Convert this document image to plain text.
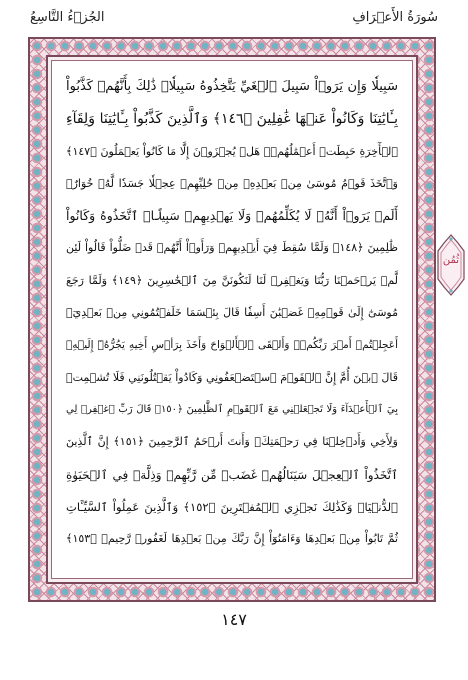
سُورَةُ الأَعۡرَافِ
الجُزۡءُ التَّاسِعُ
سَبِيلٗا وَإِن يَرَوۡاْ سَبِيلَ ٱلۡغَيِّ يَتَّخِذُوهُ سَبِيلٗاۚ ذَٰلِكَ بِأَنَّهُمۡ كَذَّبُواْ
بِـَٔايَٰتِنَا وَكَانُواْ عَنۡهَا غَٰفِلِينَ ﴿١٤٦﴾ وَٱلَّذِينَ كَذَّبُواْ بِـَٔايَٰتِنَا وَلِقَآءِ
ٱلۡأٓخِرَةِ حَبِطَتۡ أَعۡمَٰلُهُمۡۚ هَلۡ يُجۡزَوۡنَ إِلَّا مَا كَانُواْ يَعۡمَلُونَ ﴿١٤٧﴾
وَٱتَّخَذَ قَوۡمُ مُوسَىٰ مِنۢ بَعۡدِهِۦ مِنۡ حُلِيِّهِمۡ عِجۡلٗا جَسَدٗا لَّهُۥ خُوَارٌۚ
أَلَمۡ يَرَوۡاْ أَنَّهُۥ لَا يُكَلِّمُهُمۡ وَلَا يَهۡدِيهِمۡ سَبِيلًاۘ ٱتَّخَذُوهُ وَكَانُواْ
ظَٰلِمِينَ ﴿١٤٨﴾ وَلَمَّا سُقِطَ فِيٓ أَيۡدِيهِمۡ وَرَأَوۡاْ أَنَّهُمۡ قَدۡ ضَلُّواْ قَالُواْ لَئِن
لَّمۡ يَرۡحَمۡنَا رَبُّنَا وَيَغۡفِرۡ لَنَا لَنَكُونَنَّ مِنَ ٱلۡخَٰسِرِينَ ﴿١٤٩﴾ وَلَمَّا رَجَعَ
مُوسَىٰٓ إِلَىٰ قَوۡمِهِۦ غَضۡبَٰنَ أَسِفٗا قَالَ بِئۡسَمَا خَلَفۡتُمُونِي مِنۢ بَعۡدِيٓۖ
أَعَجِلۡتُمۡ أَمۡرَ رَبِّكُمۡۖ وَأَلۡقَى ٱلۡأَلۡوَاحَ وَأَخَذَ بِرَأۡسِ أَخِيهِ يَجُرُّهُۥٓ إِلَيۡهِۚ
قَالَ ٱبۡنَ أُمَّ إِنَّ ٱلۡقَوۡمَ ٱسۡتَضۡعَفُونِي وَكَادُواْ يَقۡتُلُونَنِي فَلَا تُشۡمِتۡ
بِيَ ٱلۡأَعۡدَآءَ وَلَا تَجۡعَلۡنِي مَعَ ٱلۡقَوۡمِ ٱلظَّٰلِمِينَ ﴿١٥٠﴾ قَالَ رَبِّ ٱغۡفِرۡ لِي
وَلِأَخِي وَأَدۡخِلۡنَا فِي رَحۡمَتِكَۖ وَأَنتَ أَرۡحَمُ ٱلرَّٰحِمِينَ ﴿١٥١﴾ إِنَّ ٱلَّذِينَ
ٱتَّخَذُواْ ٱلۡعِجۡلَ سَيَنَالُهُمۡ غَضَبٞ مِّن رَّبِّهِمۡ وَذِلَّةٞ فِي ٱلۡحَيَوٰةِ
ٱلدُّنۡيَاۚ وَكَذَٰلِكَ نَجۡزِي ٱلۡمُفۡتَرِينَ ﴿١٥٢﴾ وَٱلَّذِينَ عَمِلُواْ ٱلسَّيِّـَٔاتِ
ثُمَّ تَابُواْ مِنۢ بَعۡدِهَا وَءَامَنُوٓاْ إِنَّ رَبَّكَ مِنۢ بَعۡدِهَا لَغَفُورٞ رَّحِيمٞ ﴿١٥٣﴾
ثُمُن
١٤٧
